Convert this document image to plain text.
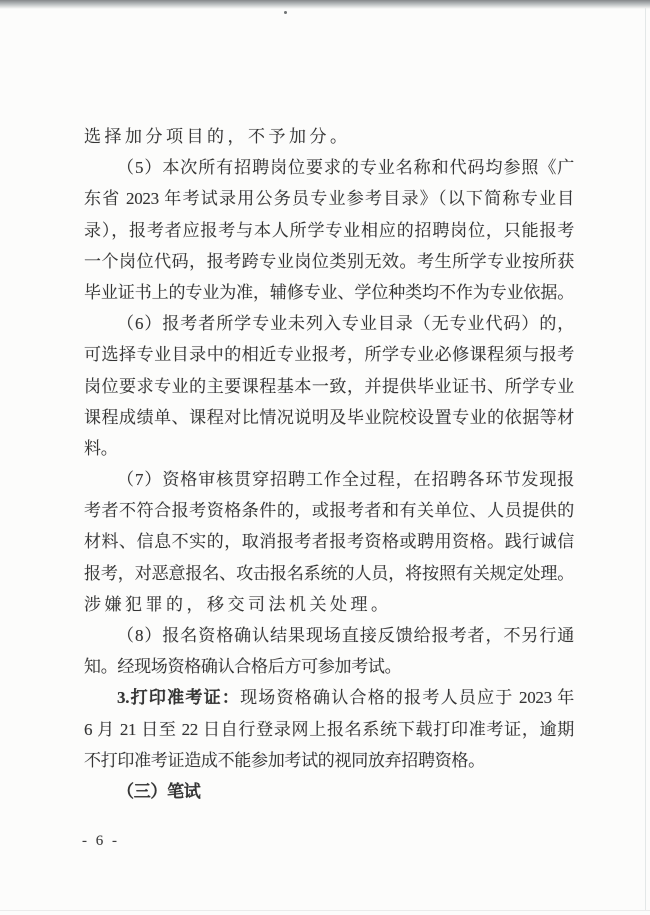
选择加分项目的，不予加分。
（5）本次所有招聘岗位要求的专业名称和代码均参照《广
东省 2023 年考试录用公务员专业参考目录》（以下简称专业目
录），报考者应报考与本人所学专业相应的招聘岗位，只能报考
一个岗位代码，报考跨专业岗位类别无效。考生所学专业按所获
毕业证书上的专业为准，辅修专业、学位种类均不作为专业依据。
（6）报考者所学专业未列入专业目录（无专业代码）的，
可选择专业目录中的相近专业报考，所学专业必修课程须与报考
岗位要求专业的主要课程基本一致，并提供毕业证书、所学专业
课程成绩单、课程对比情况说明及毕业院校设置专业的依据等材
料。
（7）资格审核贯穿招聘工作全过程，在招聘各环节发现报
考者不符合报考资格条件的，或报考者和有关单位、人员提供的
材料、信息不实的，取消报考者报考资格或聘用资格。践行诚信
报考，对恶意报名、攻击报名系统的人员，将按照有关规定处理。
涉嫌犯罪的，移交司法机关处理。
（8）报名资格确认结果现场直接反馈给报考者，不另行通
知。经现场资格确认合格后方可参加考试。
3.打印准考证：现场资格确认合格的报考人员应于 2023 年
6 月 21 日至 22 日自行登录网上报名系统下载打印准考证，逾期
不打印准考证造成不能参加考试的视同放弃招聘资格。
（三）笔试
- 6 -
